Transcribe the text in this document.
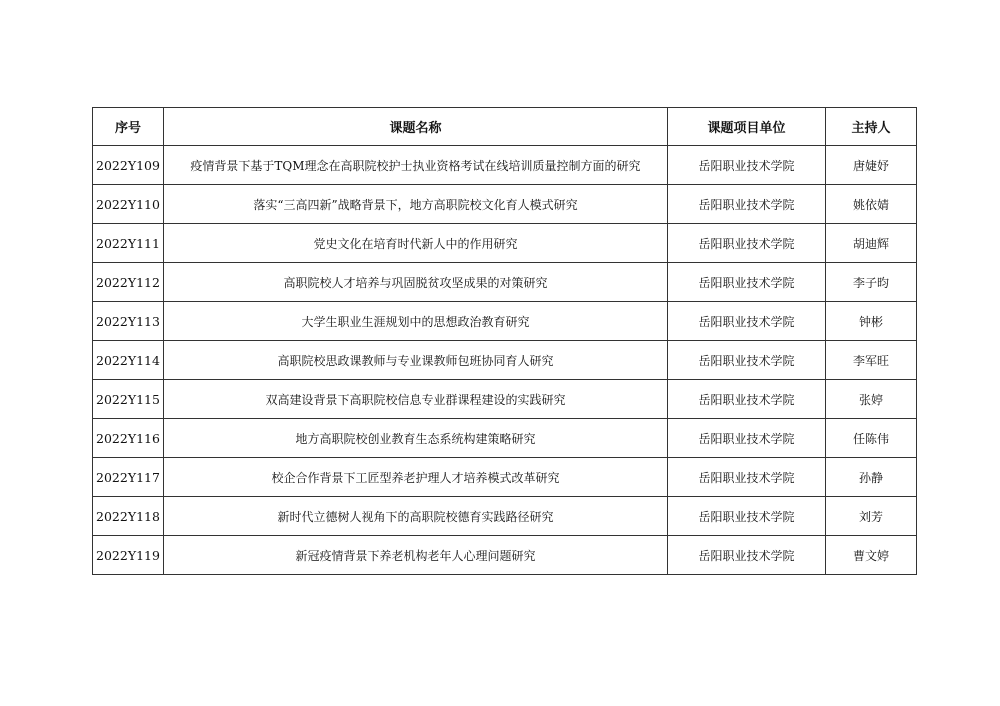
序号	课题名称	课题项目单位	主持人
2022Y109	疫情背景下基于TQM理念在高职院校护士执业资格考试在线培训质量控制方面的研究	岳阳职业技术学院	唐婕妤
2022Y110	落实“三高四新”战略背景下，地方高职院校文化育人模式研究	岳阳职业技术学院	姚依婧
2022Y111	党史文化在培育时代新人中的作用研究	岳阳职业技术学院	胡迪辉
2022Y112	高职院校人才培养与巩固脱贫攻坚成果的对策研究	岳阳职业技术学院	李子昀
2022Y113	大学生职业生涯规划中的思想政治教育研究	岳阳职业技术学院	钟彬
2022Y114	高职院校思政课教师与专业课教师包班协同育人研究	岳阳职业技术学院	李军旺
2022Y115	双高建设背景下高职院校信息专业群课程建设的实践研究	岳阳职业技术学院	张婷
2022Y116	地方高职院校创业教育生态系统构建策略研究	岳阳职业技术学院	任陈伟
2022Y117	校企合作背景下工匠型养老护理人才培养模式改革研究	岳阳职业技术学院	孙静
2022Y118	新时代立德树人视角下的高职院校德育实践路径研究	岳阳职业技术学院	刘芳
2022Y119	新冠疫情背景下养老机构老年人心理问题研究	岳阳职业技术学院	曹文婷
